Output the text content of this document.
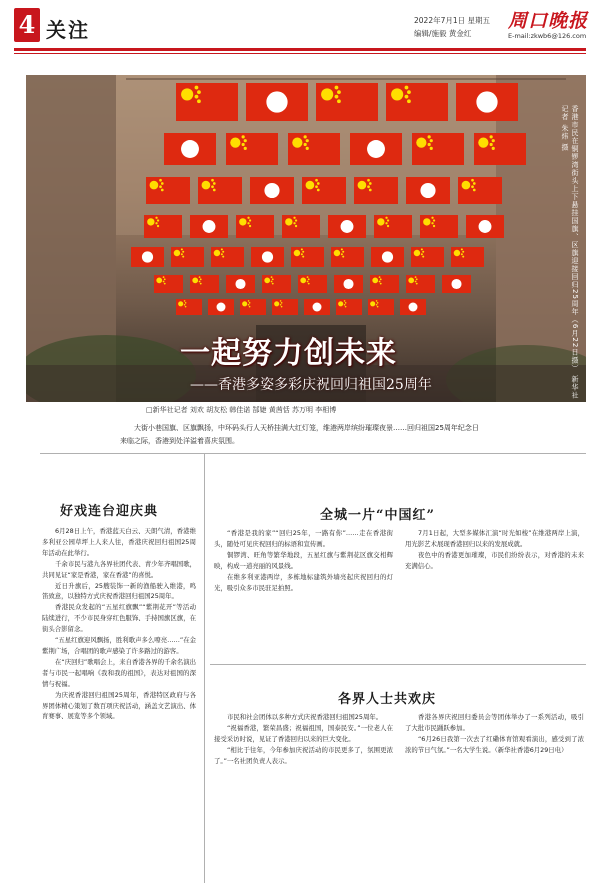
4 关注	2022年7月1日 星期五
编辑/施毅 黄金红
周口晚报
E-mail:zkwb6@126.com
香港市民在铜锣湾街头上下悬挂国旗、区旗迎接回归25周年（6月22日摄） 新华社记者 朱炜 摄
一起努力创未来
——香港多姿多彩庆祝回归祖国25周年
□新华社记者 刘欢 胡友松 韩佳诺 郜婕 黄茜恬 苏万明 李相博
大街小巷国旗、区旗飘扬，中环码头行人天桥挂满大红灯笼，维港两岸缤纷璀璨夜景……回归祖国25周年纪念日来临之际，香港到处洋溢着喜庆氛围。
好戏连台迎庆典

6月28日上午，香港蓝天白云、天朗气清，香港维多利亚公园草坪上人来人往，香港庆祝回归祖国25周年活动在此举行。

千余市民与港九各界社团代表、青少年齐唱国歌，共同见证“家是香港，家在香港”的喜悦。

近日升旗后，25艘装饰一新的渔船驶入维港，鸣笛致意，以独特方式庆祝香港回归祖国25周年。

香港民众发起的“五星红旗飘”“紫荆花开”等活动陆续进行，不少市民身穿红色服饰、手持国旗区旗，在街头合影留念。

“五星红旗迎风飘扬，胜利歌声多么嘹亮……”在金紫荆广场，合唱团的歌声感染了许多路过的游客。

在“庆回归”歌唱会上，来自香港各界的千余名演出者与市民一起唱响《我和我的祖国》，表达对祖国的深情与祝福。

为庆祝香港回归祖国25周年，香港特区政府与各界团体精心策划了数百项庆祝活动，涵盖文艺演出、体育赛事、展览等多个领域。

全城一片“中国红”

“香港是我的家”“回归25年，一路有你”……走在香港街头，随处可见庆祝回归的标语和宣传画。

铜锣湾、旺角等繁华地段，五星红旗与紫荆花区旗交相辉映，构成一道亮丽的风景线。

在维多利亚港两岸，多栋地标建筑外墙亮起庆祝回归的灯光，吸引众多市民驻足拍照。

7月1日起，大型多媒体汇演“时光如梭”在维港两岸上演，用光影艺术展现香港回归以来的发展成就。

夜色中的香港更加璀璨，市民们纷纷表示，对香港的未来充满信心。

各界人士共欢庆

市民和社会团体以多种方式庆祝香港回归祖国25周年。

“祝福香港，繁荣昌盛；祝福祖国，国泰民安。”一位老人在接受采访时说，见证了香港回归以来的巨大变化。

“相比于往年，今年参加庆祝活动的市民更多了，氛围更浓了。”一名社团负责人表示。

香港各界庆祝回归委员会等团体举办了一系列活动，吸引了大批市民踊跃参加。

“6月26日我第一次去了红磡体育馆观看演出，感受到了浓浓的节日气氛。”一名大学生说。（新华社香港6月29日电）
